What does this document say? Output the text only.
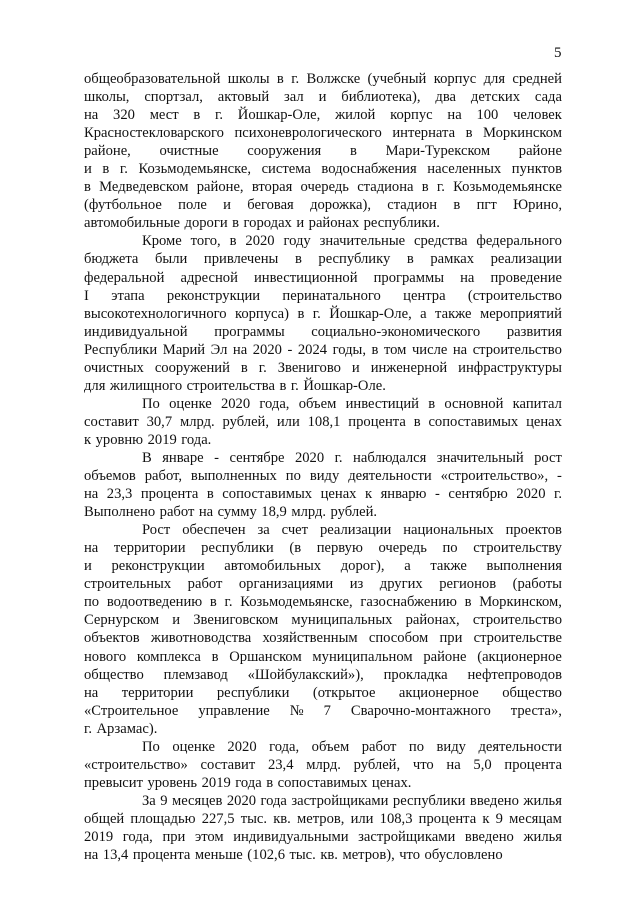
5
общеобразовательной школы в г. Волжске (учебный корпус для средней
школы, спортзал, актовый зал и библиотека), два детских сада
на 320 мест в г. Йошкар-Оле, жилой корпус на 100 человек
Красностекловарского психоневрологического интерната в Моркинском
районе, очистные сооружения в Мари-Турекском районе
и в г. Козьмодемьянске, система водоснабжения населенных пунктов
в Медведевском районе, вторая очередь стадиона в г. Козьмодемьянске
(футбольное поле и беговая дорожка), стадион в пгт Юрино,
автомобильные дороги в городах и районах республики.
Кроме того, в 2020 году значительные средства федерального
бюджета были привлечены в республику в рамках реализации
федеральной адресной инвестиционной программы на проведение
I этапа реконструкции перинатального центра (строительство
высокотехнологичного корпуса) в г. Йошкар-Оле, а также мероприятий
индивидуальной программы социально-экономического развития
Республики Марий Эл на 2020 - 2024 годы, в том числе на строительство
очистных сооружений в г. Звенигово и инженерной инфраструктуры
для жилищного строительства в г. Йошкар-Оле.
По оценке 2020 года, объем инвестиций в основной капитал
составит 30,7 млрд. рублей, или 108,1 процента в сопоставимых ценах
к уровню 2019 года.
В январе - сентябре 2020 г. наблюдался значительный рост
объемов работ, выполненных по виду деятельности «строительство», -
на 23,3 процента в сопоставимых ценах к январю - сентябрю 2020 г.
Выполнено работ на сумму 18,9 млрд. рублей.
Рост обеспечен за счет реализации национальных проектов
на территории республики (в первую очередь по строительству
и реконструкции автомобильных дорог), а также выполнения
строительных работ организациями из других регионов (работы
по водоотведению в г. Козьмодемьянске, газоснабжению в Моркинском,
Сернурском и Звениговском муниципальных районах, строительство
объектов животноводства хозяйственным способом при строительстве
нового комплекса в Оршанском муниципальном районе (акционерное
общество племзавод «Шойбулакский»), прокладка нефтепроводов
на территории республики (открытое акционерное общество
«Строительное управление № 7 Сварочно-монтажного треста»,
г. Арзамас).
По оценке 2020 года, объем работ по виду деятельности
«строительство» составит 23,4 млрд. рублей, что на 5,0 процента
превысит уровень 2019 года в сопоставимых ценах.
За 9 месяцев 2020 года застройщиками республики введено жилья
общей площадью 227,5 тыс. кв. метров, или 108,3 процента к 9 месяцам
2019 года, при этом индивидуальными застройщиками введено жилья
на 13,4 процента меньше (102,6 тыс. кв. метров), что обусловлено
